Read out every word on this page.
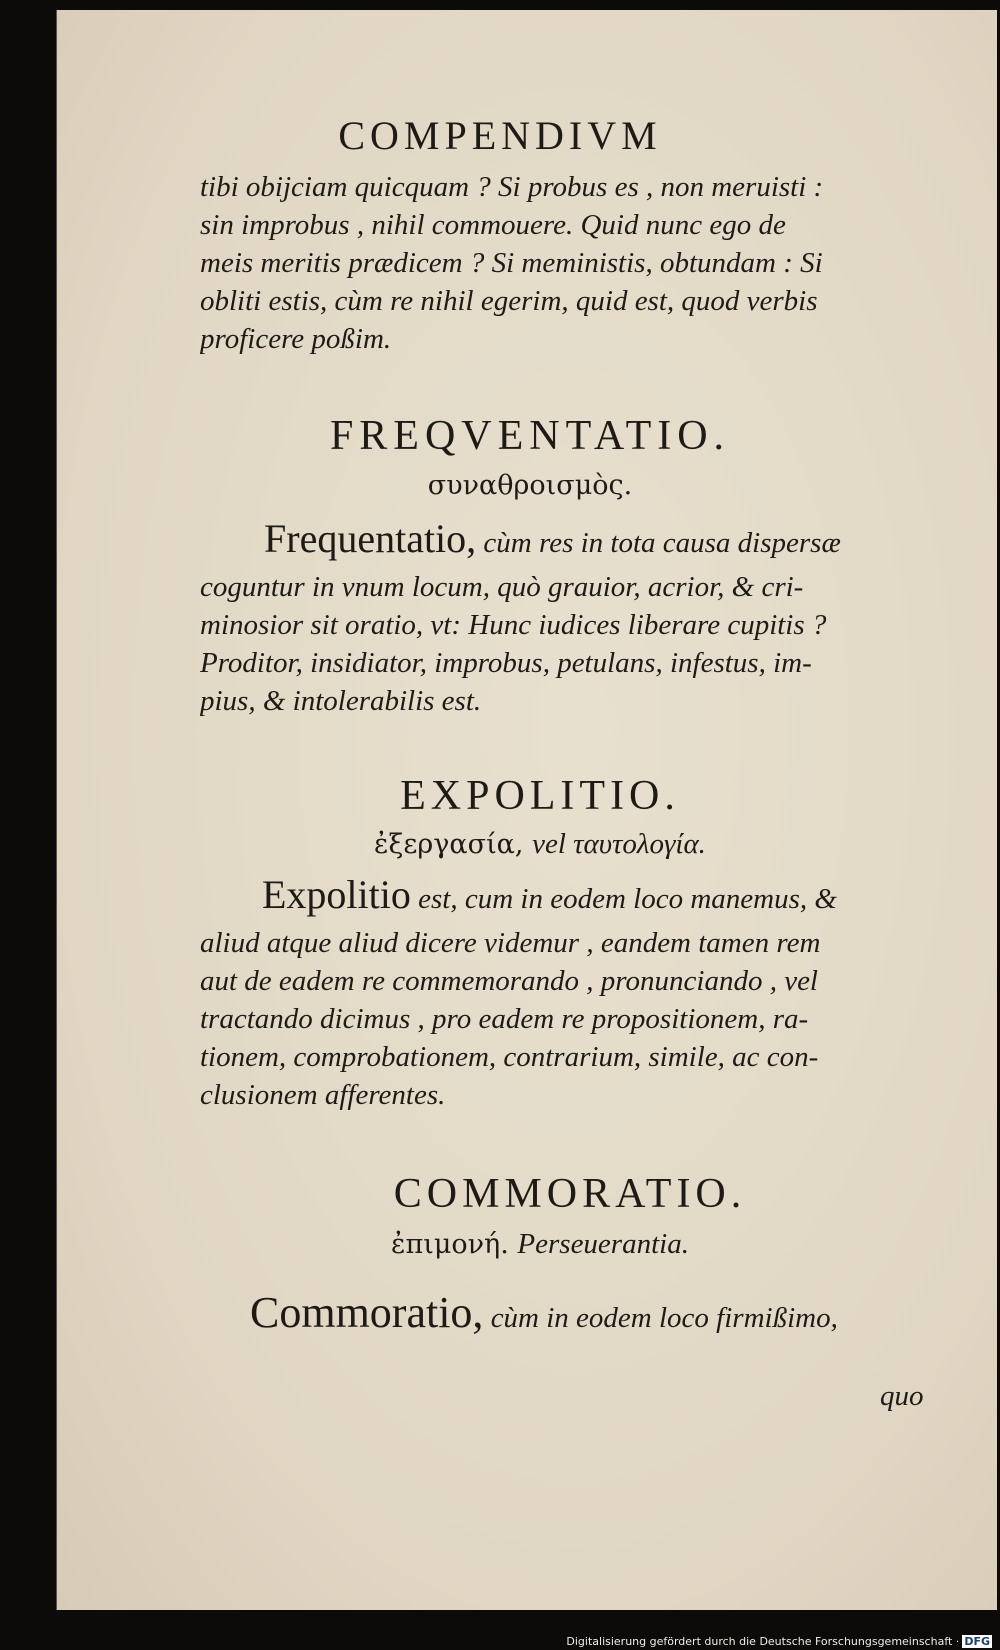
COMPENDIVM
tibi obijciam quicquam ? Si probus es , non meruisti :
sin improbus , nihil commouere. Quid nunc ego de
meis meritis prædicem ? Si meministis, obtundam : Si
obliti estis, cùm re nihil egerim, quid est, quod verbis
proficere poßim.
FREQVENTATIO.
συναθροισμὸς.
Frequentatio, cùm res in tota causa dispersæ
coguntur in vnum locum, quò grauior, acrior, & cri-
minosior sit oratio, vt: Hunc iudices liberare cupitis ?
Proditor, insidiator, improbus, petulans, infestus, im-
pius, & intolerabilis est.
EXPOLITIO.
ἐξεργασία, vel ταυτολογία.
Expolitio est, cum in eodem loco manemus, &
aliud atque aliud dicere videmur , eandem tamen rem
aut de eadem re commemorando , pronunciando , vel
tractando dicimus , pro eadem re propositionem, ra-
tionem, comprobationem, contrarium, simile, ac con-
clusionem afferentes.
COMMORATIO.
ἐπιμονή. Perseuerantia.
Commoratio, cùm in eodem loco firmißimo,
quo
Digitalisierung gefördert durch die Deutsche Forschungsgemeinschaft · DFG
